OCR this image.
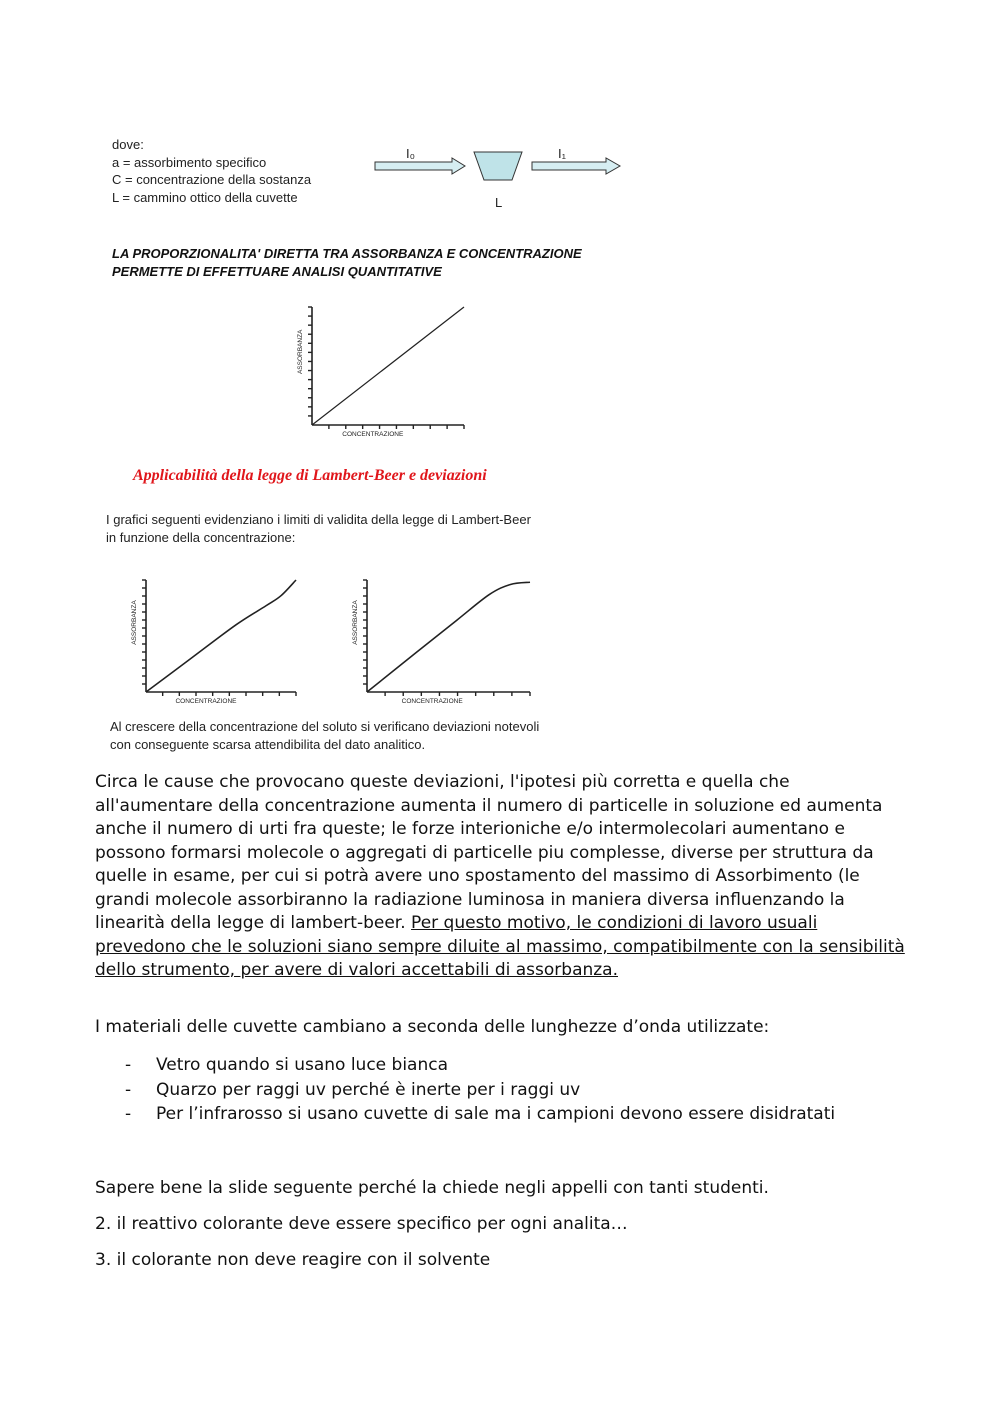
dove:
a = assorbimento specifico
C = concentrazione della sostanza
L = cammino ottico della cuvette
I₀	I₁
L
LA PROPORZIONALITA' DIRETTA TRA ASSORBANZA E CONCENTRAZIONE
PERMETTE DI EFFETTUARE ANALISI QUANTITATIVE
CONCENTRAZIONE
ASSORBANZA
Applicabilità della legge di Lambert-Beer e deviazioni
I grafici seguenti evidenziano i limiti di validita della legge di Lambert-Beer
in funzione della concentrazione:
CONCENTRAZIONE
ASSORBANZA
CONCENTRAZIONE
ASSORBANZA
Al crescere della concentrazione del soluto si verificano deviazioni notevoli
con conseguente scarsa attendibilita del dato analitico.

Circa le cause che provocano queste deviazioni, l'ipotesi più corretta e quella che all'aumentare della concentrazione aumenta il numero di particelle in soluzione ed aumenta anche il numero di urti fra queste; le forze interioniche e/o intermolecolari aumentano e possono formarsi molecole o aggregati di particelle piu complesse, diverse per struttura da quelle in esame, per cui si potrà avere uno spostamento del massimo di Assorbimento (le grandi molecole assorbiranno la radiazione luminosa in maniera diversa influenzando la linearità della legge di lambert-beer. Per questo motivo, le condizioni di lavoro usuali prevedono che le soluzioni siano sempre diluite al massimo, compatibilmente con la sensibilità dello strumento, per avere di valori accettabili di assorbanza.

I materiali delle cuvette cambiano a seconda delle lunghezze d’onda utilizzate:

- Vetro quando si usano luce bianca
- Quarzo per raggi uv perché è inerte per i raggi uv
- Per l’infrarosso si usano cuvette di sale ma i campioni devono essere disidratati

Sapere bene la slide seguente perché la chiede negli appelli con tanti studenti.

2. il reattivo colorante deve essere specifico per ogni analita…

3. il colorante non deve reagire con il solvente
